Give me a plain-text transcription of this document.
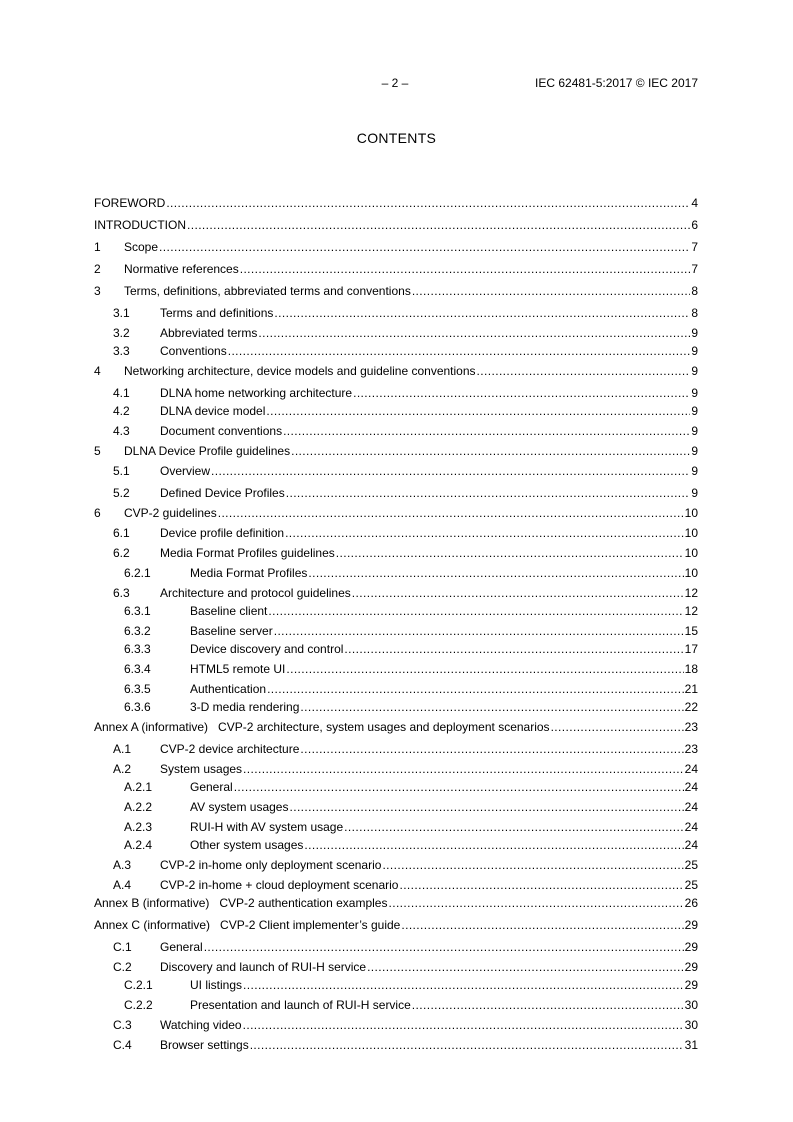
– 2 –	IEC 62481-5:2017 © IEC 2017
CONTENTS
FOREWORD .....	4
INTRODUCTION .....	6
1 Scope .....	7
2 Normative references .....	7
3 Terms, definitions, abbreviated terms and conventions .....	8
3.1	Terms and definitions .....	8
3.2	Abbreviated terms .....	9
3.3	Conventions .....	9
4 Networking architecture, device models and guideline conventions .....	9
4.1	DLNA home networking architecture .....	9
4.2	DLNA device model .....	9
4.3	Document conventions .....	9
5 DLNA Device Profile guidelines .....	9
5.1	Overview .....	9
5.2	Defined Device Profiles .....	9
6 CVP-2 guidelines .....	10
6.1	Device profile definition .....	10
6.2	Media Format Profiles guidelines .....	10
6.2.1	Media Format Profiles .....	10
6.3	Architecture and protocol guidelines .....	12
6.3.1	Baseline client .....	12
6.3.2	Baseline server .....	15
6.3.3	Device discovery and control .....	17
6.3.4	HTML5 remote UI .....	18
6.3.5	Authentication .....	21
6.3.6	3-D media rendering .....	22
Annex A (informative)   CVP-2 architecture, system usages and deployment scenarios .....	23
A.1 CVP-2 device architecture .....	23
A.2 System usages .....	24
A.2.1	General .....	24
A.2.2	AV system usages .....	24
A.2.3	RUI-H with AV system usage .....	24
A.2.4	Other system usages .....	24
A.3 CVP-2 in-home only deployment scenario .....	25
A.4 CVP-2 in-home + cloud deployment scenario .....	25
Annex B (informative)   CVP-2 authentication examples .....	26
Annex C (informative)   CVP-2 Client implementer’s guide .....	29
C.1 General .....	29
C.2 Discovery and launch of RUI-H service .....	29
C.2.1	UI listings .....	29
C.2.2	Presentation and launch of RUI-H service .....	30
C.3 Watching video .....	30
C.4 Browser settings .....	31
